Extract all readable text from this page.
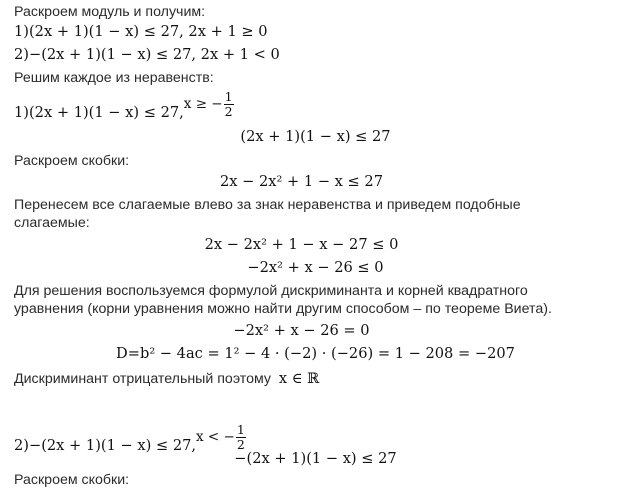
Раскроем модуль и получим:
1)(2x + 1)(1 − x) ≤ 27, 2x + 1 ≥ 0
2)−(2x + 1)(1 − x) ≤ 27, 2x + 1 < 0
Решим каждое из неравенств:
1)(2x + 1)(1 − x) ≤ 27,x ≥ − $\frac{1}{2}$
(2x + 1)(1 − x) ≤ 27
Раскроем скобки:
2x − 2x² + 1 − x ≤ 27
Перенесем все слагаемые влево за знак неравенства и приведем подобные
слагаемые:
2x − 2x² + 1 − x − 27 ≤ 0
−2x² + x − 26 ≤ 0
Для решения воспользуемся формулой дискриминанта и корней квадратного
уравнения (корни уравнения можно найти другим способом – по теореме Виета).
−2x² + x − 26 = 0
D=b² − 4ac = 1² − 4 · (−2) · (−26) = 1 − 208 = −207
Дискриминант отрицательный поэтому x ∈ ℝ
2)−(2x + 1)(1 − x) ≤ 27,x < − $\frac{1}{2}$
−(2x + 1)(1 − x) ≤ 27
Раскроем скобки:
